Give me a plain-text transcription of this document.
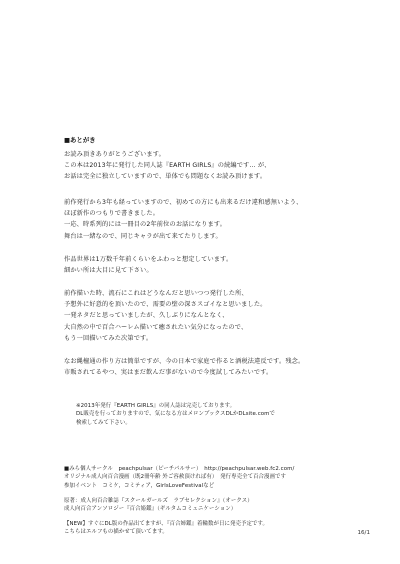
■あとがき
お読み頂きありがとうございます。
この本は2013年に発行した同人誌『EARTH GIRLS』の続編です… が、
お話は完全に独立していますので、単体でも問題なくお読み頂けます。
前作発行から3年も経っていますので、初めての方にも出来るだけ違和感無いよう、
ほぼ新作のつもりで書きました。
一応、時系列的には一冊目の2年前位のお話になります。
舞台は一緒なので、同じキャラが出て来てたりします。
作品世界は1万数千年前くらいをふわっと想定しています。
細かい所は大目に見て下さい。
前作描いた時、流石にこれはどうなんだと思いつつ発行した所、
予想外に好意的を頂いたので、需要の壁の深さスゴイなと思いました。
一発ネタだと思っていましたが、久しぶりになんとなく、
大自然の中で百合ハーレム描いて癒されたい気分になったので、
もう一回描いてみた次第です。
なお縄檀通の作り方は簡単ですが、今の日本で家庭で作ると酒税法違反です。残念。
市販されてるやつ、実はまだ飲んだ事がないので今度試してみたいです。
※2013年発行『EARTH GIRLS』の同人誌は完売しております。
DL販売を行っておりますので、気になる方はメロンブックスDLかDLsite.comで
検索してみて下さい。
■みら個人サークル　peachpulsar（ピーチパルサー）　http://peachpulsar.web.fc2.com/
オリジナル成人向百合漫画（既2冊年齢 外ご容赦頂ければ有）　発行専売全て百合漫画です
参加イベント　コミケ，コミティア，GirlsLoveFestivalなど
原著：成人向百合雑誌『スクールガールズ　ラブセレクション』（オークス）
成人向百合アンソロジー『百合姫鑑』（ギルタムコミュニケーション）
【NEW】すぐにDL版の作品出てますが、『百合姉鑑』着輪数が日に発売予定です。
こちらはエルフもの描かせて頂いてます。	16/1
